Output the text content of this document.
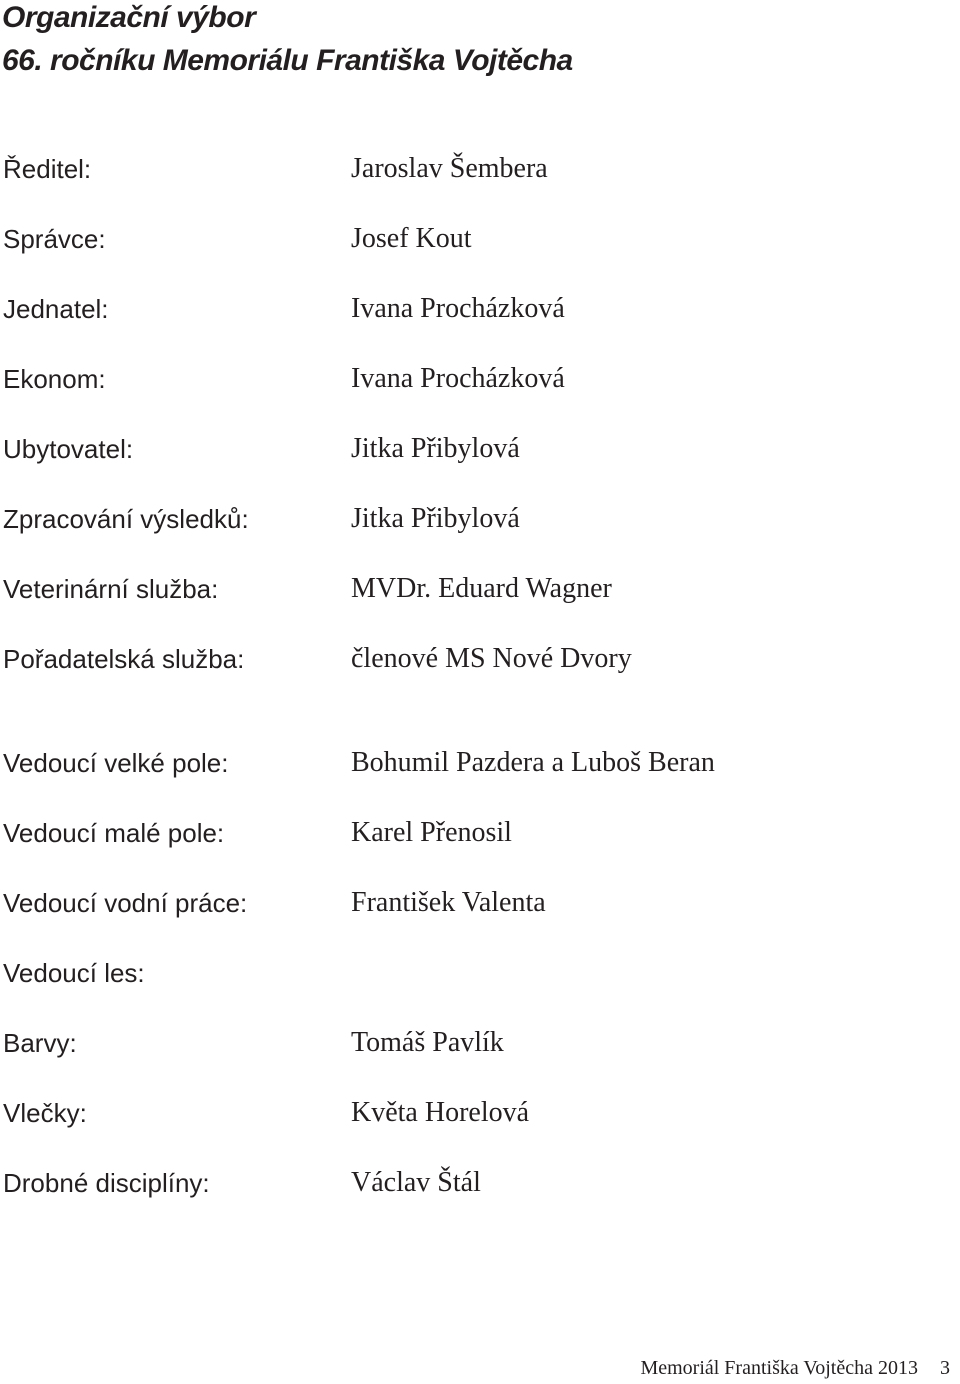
Organizační výbor
66. ročníku Memoriálu Františka Vojtěcha
Ředitel:	Jaroslav Šembera
Správce:	Josef Kout
Jednatel:	Ivana Procházková
Ekonom:	Ivana Procházková
Ubytovatel:	Jitka Přibylová
Zpracování výsledků:	Jitka Přibylová
Veterinární služba:	MVDr. Eduard Wagner
Pořadatelská služba:	členové MS Nové Dvory
Vedoucí velké pole:	Bohumil Pazdera a Luboš Beran
Vedoucí malé pole:	Karel Přenosil
Vedoucí vodní práce:	František Valenta
Vedoucí les:
Barvy:	Tomáš Pavlík
Vlečky:	Květa Horelová
Drobné disciplíny:	Václav Štál
Memoriál Františka Vojtěcha 2013 3
